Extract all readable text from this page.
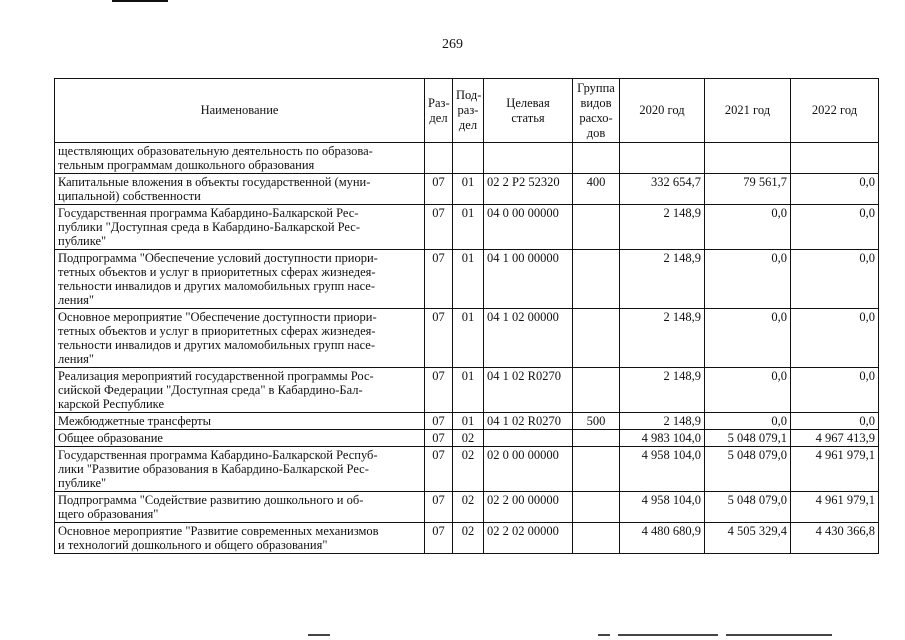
269
Наименование	Раз-
дел	Под-
раз-
дел	Целевая
статья	Группа
видов
расхо-
дов	2020 год	2021 год	2022 год
ществляющих образовательную деятельность по образова-
тельным программам дошкольного образования							
Капитальные вложения в объекты государственной (муни-
ципальной) собственности	07	01	02 2 P2 52320	400	332 654,7	79 561,7	0,0
Государственная программа Кабардино-Балкарской Рес-
публики "Доступная среда в Кабардино-Балкарской Рес-
публике"	07	01	04 0 00 00000		2 148,9	0,0	0,0
Подпрограмма "Обеспечение условий доступности приори-
тетных объектов и услуг в приоритетных сферах жизнедея-
тельности инвалидов и других маломобильных групп насе-
ления"	07	01	04 1 00 00000		2 148,9	0,0	0,0
Основное мероприятие "Обеспечение доступности приори-
тетных объектов и услуг в приоритетных сферах жизнедея-
тельности инвалидов и других маломобильных групп насе-
ления"	07	01	04 1 02 00000		2 148,9	0,0	0,0
Реализация мероприятий государственной программы Рос-
сийской Федерации "Доступная среда" в Кабардино-Бал-
карской Республике	07	01	04 1 02 R0270		2 148,9	0,0	0,0
Межбюджетные трансферты	07	01	04 1 02 R0270	500	2 148,9	0,0	0,0
Общее образование	07	02			4 983 104,0	5 048 079,1	4 967 413,9
Государственная программа Кабардино-Балкарской Респуб-
лики "Развитие образования в Кабардино-Балкарской Рес-
публике"	07	02	02 0 00 00000		4 958 104,0	5 048 079,0	4 961 979,1
Подпрограмма "Содействие развитию дошкольного и об-
щего образования"	07	02	02 2 00 00000		4 958 104,0	5 048 079,0	4 961 979,1
Основное мероприятие "Развитие современных механизмов
и технологий дошкольного и общего образования"	07	02	02 2 02 00000		4 480 680,9	4 505 329,4	4 430 366,8
